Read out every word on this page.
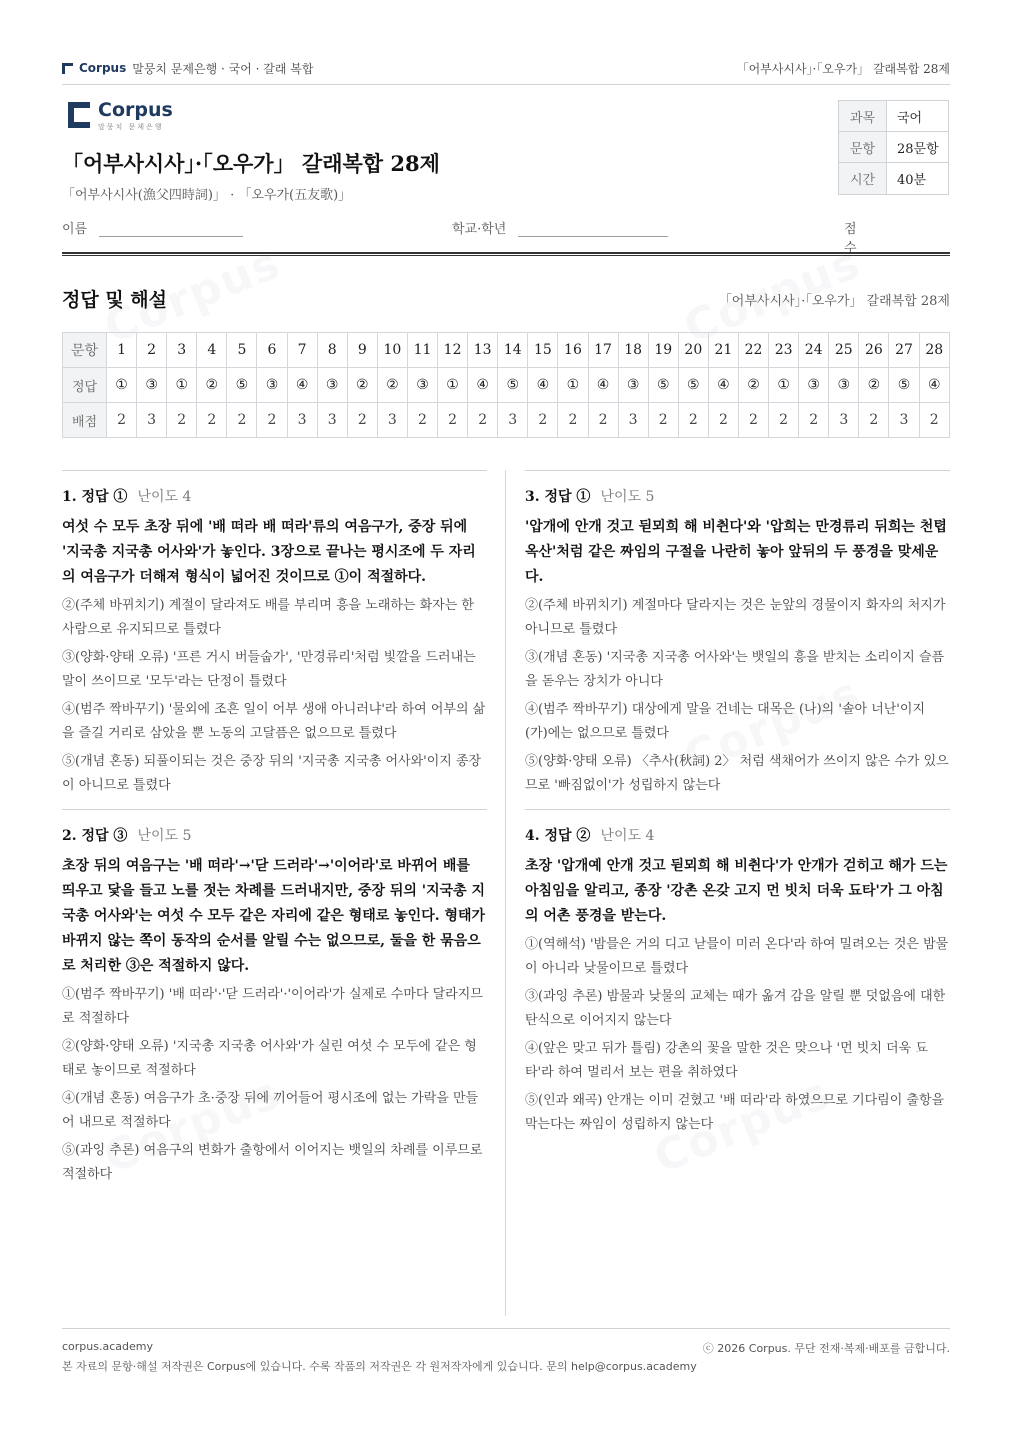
Corpus 말뭉치 문제은행 · 국어 · 갈래 복합	「어부사시사」·「오우가」 갈래복합 28제
Corpus
말뭉치 문제은행
「어부사시사」·「오우가」 갈래복합 28제
「어부사시사(漁父四時詞)」 · 「오우가(五友歌)」
과목	국어
문항	28문항
시간	40분
이름	학교·학년	점수
정답 및 해설	「어부사시사」·「오우가」 갈래복합 28제
문항	1	2	3	4	5	6	7	8	9	10	11	12	13	14	15	16	17	18	19	20	21	22	23	24	25	26	27	28
정답	①	③	①	②	⑤	③	④	③	②	②	③	①	④	⑤	④	①	④	③	⑤	⑤	④	②	①	③	③	②	⑤	④
배점	2	3	2	2	2	2	3	3	2	3	2	2	2	3	2	2	2	3	2	2	2	2	2	2	3	2	3	2
1. 정답 ① 난이도 4
여섯 수 모두 초장 뒤에 '배 떠라 배 떠라'류의 여음구가, 중장 뒤에 '지국총 지국총 어사와'가 놓인다. 3장으로 끝나는 평시조에 두 자리의 여음구가 더해져 형식이 넓어진 것이므로 ①이 적절하다.
②(주체 바뀌치기) 계절이 달라져도 배를 부리며 흥을 노래하는 화자는 한 사람으로 유지되므로 틀렸다
③(양화·양태 오류) '프른 거시 버들숩가', '만경류리'처럼 빛깔을 드러내는 말이 쓰이므로 '모두'라는 단정이 틀렸다
④(범주 짝바꾸기) '물외에 조흔 일이 어부 생애 아니러냐'라 하여 어부의 삶을 즐길 거리로 삼았을 뿐 노동의 고달픔은 없으므로 틀렸다
⑤(개념 혼동) 되풀이되는 것은 중장 뒤의 '지국총 지국총 어사와'이지 종장이 아니므로 틀렸다
2. 정답 ③ 난이도 5
초장 뒤의 여음구는 '배 떠라'→'닫 드러라'→'이어라'로 바뀌어 배를 띄우고 닻을 들고 노를 젓는 차례를 드러내지만, 중장 뒤의 '지국총 지국총 어사와'는 여섯 수 모두 같은 자리에 같은 형태로 놓인다. 형태가 바뀌지 않는 쪽이 동작의 순서를 알릴 수는 없으므로, 둘을 한 묶음으로 처리한 ③은 적절하지 않다.
①(범주 짝바꾸기) '배 떠라'·'닫 드러라'·'이어라'가 실제로 수마다 달라지므로 적절하다
②(양화·양태 오류) '지국총 지국총 어사와'가 실린 여섯 수 모두에 같은 형태로 놓이므로 적절하다
④(개념 혼동) 여음구가 초·중장 뒤에 끼어들어 평시조에 없는 가락을 만들어 내므로 적절하다
⑤(과잉 추론) 여음구의 변화가 출항에서 이어지는 뱃일의 차례를 이루므로 적절하다
3. 정답 ① 난이도 5
'압개에 안개 것고 뒫뫼희 해 비췬다'와 '압희는 만경류리 뒤희는 천텹옥산'처럼 같은 짜임의 구절을 나란히 놓아 앞뒤의 두 풍경을 맞세운다.
②(주체 바뀌치기) 계절마다 달라지는 것은 눈앞의 경물이지 화자의 처지가 아니므로 틀렸다
③(개념 혼동) '지국총 지국총 어사와'는 뱃일의 흥을 받치는 소리이지 슬픔을 돋우는 장치가 아니다
④(범주 짝바꾸기) 대상에게 말을 건네는 대목은 (나)의 '솔아 너난'이지 (가)에는 없으므로 틀렸다
⑤(양화·양태 오류) 〈추사(秋詞) 2〉 처럼 색채어가 쓰이지 않은 수가 있으므로 '빠짐없이'가 성립하지 않는다
4. 정답 ② 난이도 4
초장 '압개예 안개 것고 뒫뫼희 해 비췬다'가 안개가 걷히고 해가 드는 아침임을 알리고, 종장 '강촌 온갖 고지 먼 빗치 더욱 됴타'가 그 아침의 어촌 풍경을 받는다.
①(역해석) '밤믈은 거의 디고 낟믈이 미러 온다'라 하여 밀려오는 것은 밤물이 아니라 낮물이므로 틀렸다
③(과잉 추론) 밤물과 낮물의 교체는 때가 옮겨 감을 알릴 뿐 덧없음에 대한 탄식으로 이어지지 않는다
④(앞은 맞고 뒤가 틀림) 강촌의 꽃을 말한 것은 맞으나 '먼 빗치 더욱 됴타'라 하여 멀리서 보는 편을 취하였다
⑤(인과 왜곡) 안개는 이미 걷혔고 '배 떠라'라 하였으므로 기다림이 출항을 막는다는 짜임이 성립하지 않는다
corpus.academy	ⓒ 2026 Corpus. 무단 전재·복제·배포를 금합니다.
본 자료의 문항·해설 저작권은 Corpus에 있습니다. 수록 작품의 저작권은 각 원저작자에게 있습니다. 문의 help@corpus.academy
